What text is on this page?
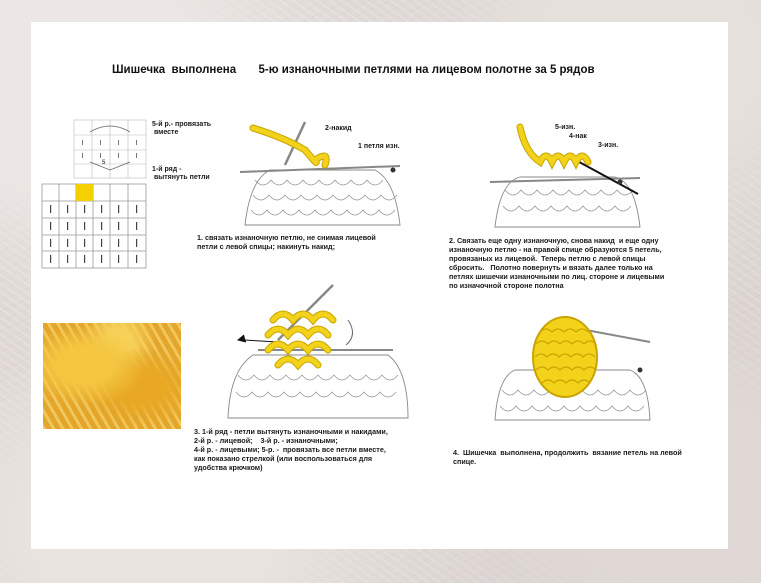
Шишечка  выполнена       5-ю изнаночными петлями на лицевом полотне за 5 рядов
5
5-й р.- провязать
вместе
1-й ряд -
вытянуть петли
2-накид
1 петля изн.
1. связать изнаночную петлю, не снимая лицевой
петли с левой спицы; накинуть накид;
5-изн.
4-нак
3-изн.
2. Связать еще одну изнаночную, снова накид  и еще одну
изнаночную петлю - на правой спице образуются 5 петель,
провязаных из лицевой.  Теперь петлю с левой спицы
сбросить.   Полотно повернуть и вязать далее только на
петлях шишечки изнаночными по лиц. стороне и лицевыми
по изначочной стороне полотна
3. 1-й ряд - петли вытянуть изнаночными и накидами,
2-й р. - лицевой;    3-й р. - изнаночными;
4-й р. - лицевыми; 5-р. -  провязать все петли вместе,
как показано стрелкой (или воспользоваться для
удобства крючком)
4.  Шишечка  выполнена, продолжить  вязание петель на левой
спице.
